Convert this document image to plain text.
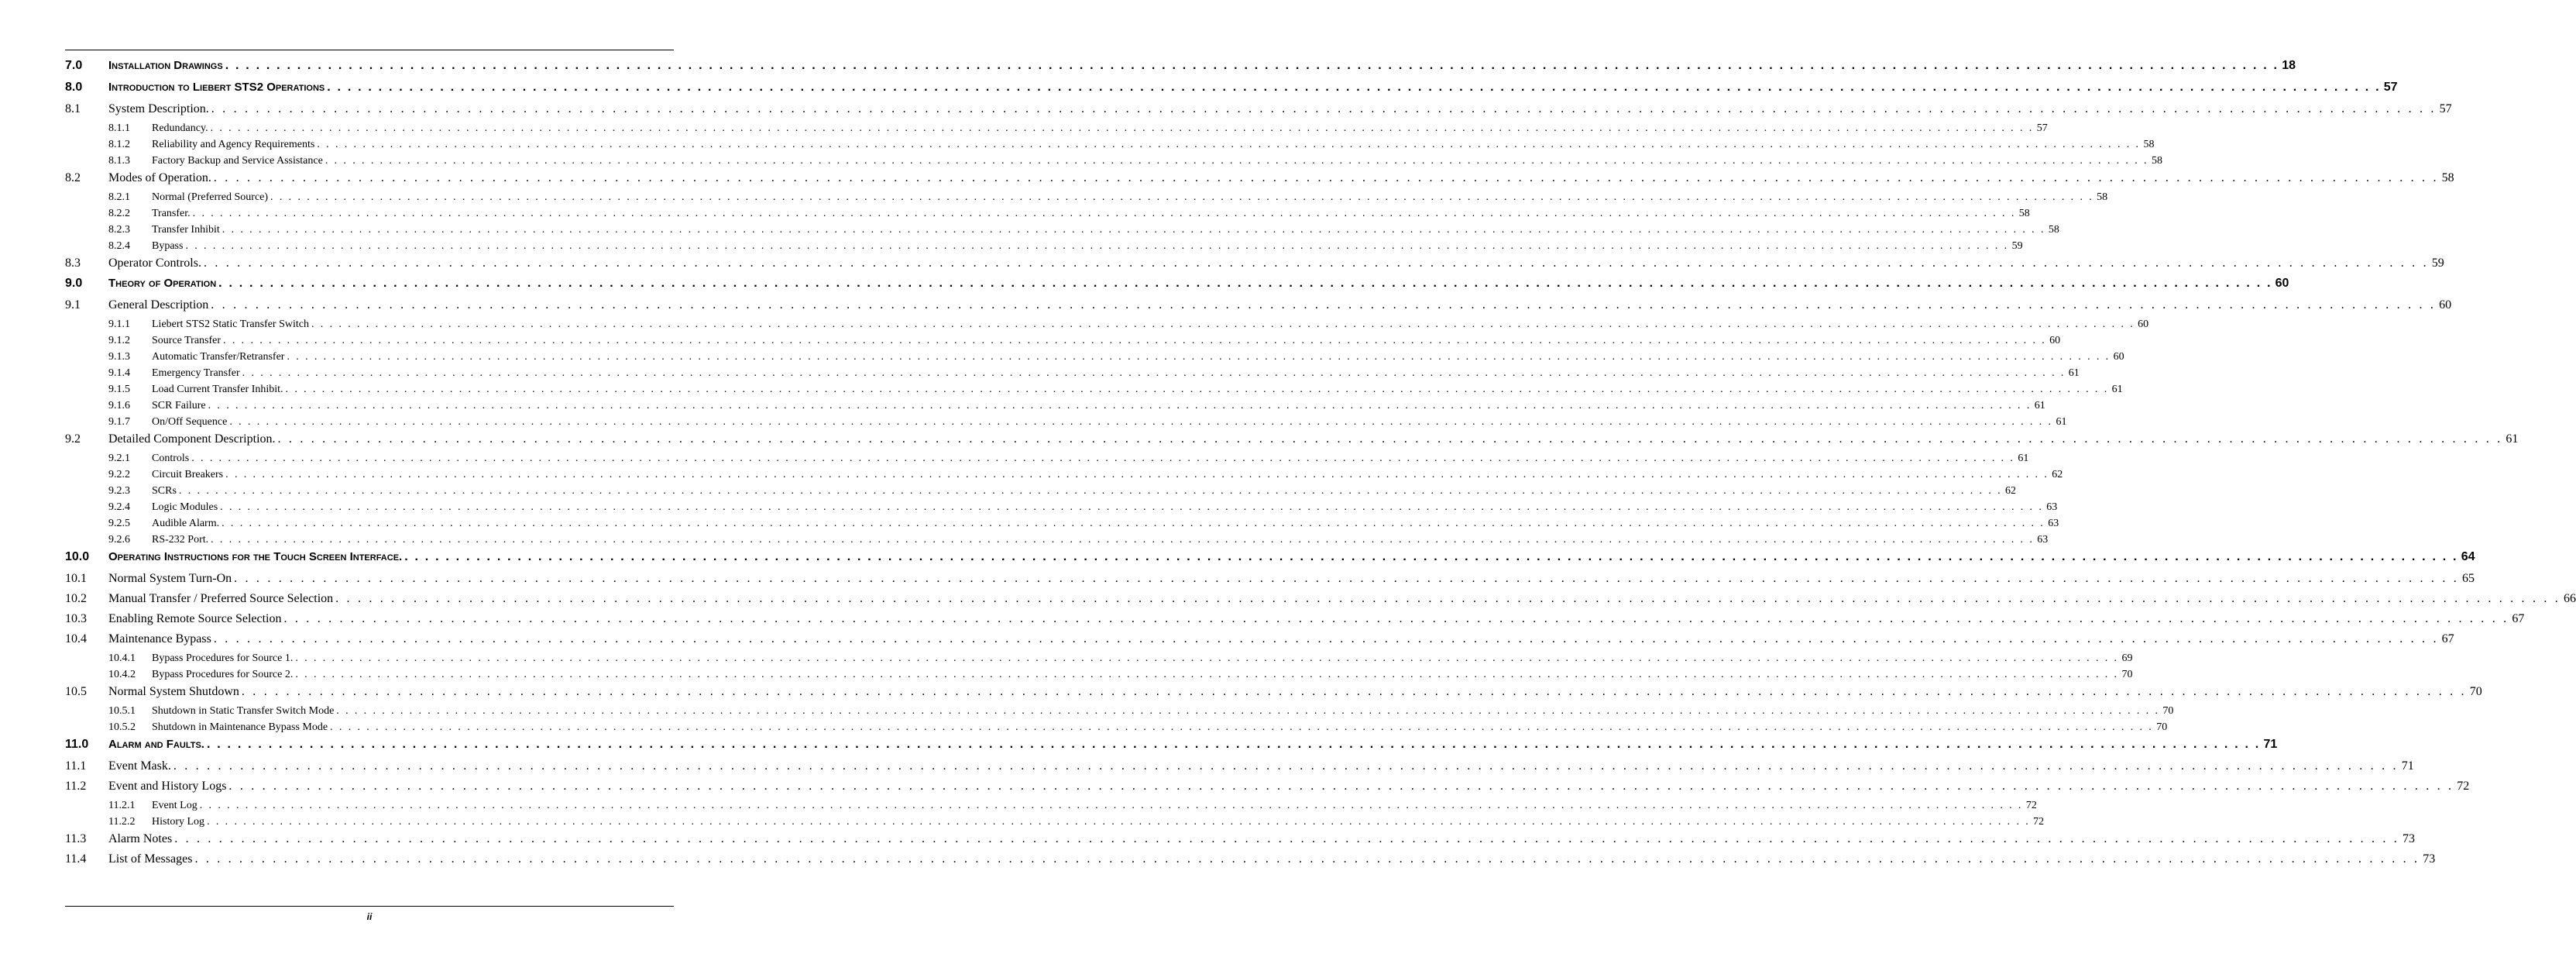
7.0	Installation Drawings . . . . . . . . . . . . . . . . . . . . . . . . . . . . . . . . . . . . . . . . . . . . . . . . . . . . . . . . . . . . . . . . . . . . . . . . . . . . . . . . . . . . . . . . . . . . . . . . . . . . . . . . . . . . . . . . . . . . . . . . . . . . . . . . . . . . . . . . . . . . . . . . . . . . . . . . . . . . . . . . . . . . . . . . . . . . . . . . . . . . . . . . . . . . . . . . . . . . . . . . 18
8.0	Introduction to Liebert STS2 Operations . . . . . . . . . . . . . . . . . . . . . . . . . . . . . . . . . . . . . . . . . . . . . . . . . . . . . . . . . . . . . . . . . . . . . . . . . . . . . . . . . . . . . . . . . . . . . . . . . . . . . . . . . . . . . . . . . . . . . . . . . . . . . . . . . . . . . . . . . . . . . . . . . . . . . . . . . . . . . . . . . . . . . . . . . . . . . . . . . . . . . . . . . . . . . . . . . . . . . . . . 57
8.1	System Description. . . . . . . . . . . . . . . . . . . . . . . . . . . . . . . . . . . . . . . . . . . . . . . . . . . . . . . . . . . . . . . . . . . . . . . . . . . . . . . . . . . . . . . . . . . . . . . . . . . . . . . . . . . . . . . . . . . . . . . . . . . . . . . . . . . . . . . . . . . . . . . . . . . . . . . . . . . . . . . . . . . . . . . . . . . . . . . . . . . . . . . . . . . . . . . . . . . . . . . . . 57
8.1.1	Redundancy. . . . . . . . . . . . . . . . . . . . . . . . . . . . . . . . . . . . . . . . . . . . . . . . . . . . . . . . . . . . . . . . . . . . . . . . . . . . . . . . . . . . . . . . . . . . . . . . . . . . . . . . . . . . . . . . . . . . . . . . . . . . . . . . . . . . . . . . . . . . . . . . . . . . . . . . . . . . . . . . . . . . . . . . . . . . . . . . . . . . . . . . . . . . . . . . . . . . . . . . . 57
8.1.2	Reliability and Agency Requirements . . . . . . . . . . . . . . . . . . . . . . . . . . . . . . . . . . . . . . . . . . . . . . . . . . . . . . . . . . . . . . . . . . . . . . . . . . . . . . . . . . . . . . . . . . . . . . . . . . . . . . . . . . . . . . . . . . . . . . . . . . . . . . . . . . . . . . . . . . . . . . . . . . . . . . . . . . . . . . . . . . . . . . . . . . . . . . . . . . . . . . . . . . . . . . . . . . . . . . . . 58
8.1.3	Factory Backup and Service Assistance . . . . . . . . . . . . . . . . . . . . . . . . . . . . . . . . . . . . . . . . . . . . . . . . . . . . . . . . . . . . . . . . . . . . . . . . . . . . . . . . . . . . . . . . . . . . . . . . . . . . . . . . . . . . . . . . . . . . . . . . . . . . . . . . . . . . . . . . . . . . . . . . . . . . . . . . . . . . . . . . . . . . . . . . . . . . . . . . . . . . . . . . . . . . . . . . . . . . . . . . 58
8.2	Modes of Operation. . . . . . . . . . . . . . . . . . . . . . . . . . . . . . . . . . . . . . . . . . . . . . . . . . . . . . . . . . . . . . . . . . . . . . . . . . . . . . . . . . . . . . . . . . . . . . . . . . . . . . . . . . . . . . . . . . . . . . . . . . . . . . . . . . . . . . . . . . . . . . . . . . . . . . . . . . . . . . . . . . . . . . . . . . . . . . . . . . . . . . . . . . . . . . . . . . . . . . . . . 58
8.2.1	Normal (Preferred Source) . . . . . . . . . . . . . . . . . . . . . . . . . . . . . . . . . . . . . . . . . . . . . . . . . . . . . . . . . . . . . . . . . . . . . . . . . . . . . . . . . . . . . . . . . . . . . . . . . . . . . . . . . . . . . . . . . . . . . . . . . . . . . . . . . . . . . . . . . . . . . . . . . . . . . . . . . . . . . . . . . . . . . . . . . . . . . . . . . . . . . . . . . . . . . . . . . . . . . . . . 58
8.2.2	Transfer. . . . . . . . . . . . . . . . . . . . . . . . . . . . . . . . . . . . . . . . . . . . . . . . . . . . . . . . . . . . . . . . . . . . . . . . . . . . . . . . . . . . . . . . . . . . . . . . . . . . . . . . . . . . . . . . . . . . . . . . . . . . . . . . . . . . . . . . . . . . . . . . . . . . . . . . . . . . . . . . . . . . . . . . . . . . . . . . . . . . . . . . . . . . . . . . . . . . . . . . . 58
8.2.3	Transfer Inhibit . . . . . . . . . . . . . . . . . . . . . . . . . . . . . . . . . . . . . . . . . . . . . . . . . . . . . . . . . . . . . . . . . . . . . . . . . . . . . . . . . . . . . . . . . . . . . . . . . . . . . . . . . . . . . . . . . . . . . . . . . . . . . . . . . . . . . . . . . . . . . . . . . . . . . . . . . . . . . . . . . . . . . . . . . . . . . . . . . . . . . . . . . . . . . . . . . . . . . . . . 58
8.2.4	Bypass . . . . . . . . . . . . . . . . . . . . . . . . . . . . . . . . . . . . . . . . . . . . . . . . . . . . . . . . . . . . . . . . . . . . . . . . . . . . . . . . . . . . . . . . . . . . . . . . . . . . . . . . . . . . . . . . . . . . . . . . . . . . . . . . . . . . . . . . . . . . . . . . . . . . . . . . . . . . . . . . . . . . . . . . . . . . . . . . . . . . . . . . . . . . . . . . . . . . . . . . 59
8.3	Operator Controls. . . . . . . . . . . . . . . . . . . . . . . . . . . . . . . . . . . . . . . . . . . . . . . . . . . . . . . . . . . . . . . . . . . . . . . . . . . . . . . . . . . . . . . . . . . . . . . . . . . . . . . . . . . . . . . . . . . . . . . . . . . . . . . . . . . . . . . . . . . . . . . . . . . . . . . . . . . . . . . . . . . . . . . . . . . . . . . . . . . . . . . . . . . . . . . . . . . . . . . . . 59
9.0	Theory of Operation . . . . . . . . . . . . . . . . . . . . . . . . . . . . . . . . . . . . . . . . . . . . . . . . . . . . . . . . . . . . . . . . . . . . . . . . . . . . . . . . . . . . . . . . . . . . . . . . . . . . . . . . . . . . . . . . . . . . . . . . . . . . . . . . . . . . . . . . . . . . . . . . . . . . . . . . . . . . . . . . . . . . . . . . . . . . . . . . . . . . . . . . . . . . . . . . . . . . . . . . 60
9.1	General Description . . . . . . . . . . . . . . . . . . . . . . . . . . . . . . . . . . . . . . . . . . . . . . . . . . . . . . . . . . . . . . . . . . . . . . . . . . . . . . . . . . . . . . . . . . . . . . . . . . . . . . . . . . . . . . . . . . . . . . . . . . . . . . . . . . . . . . . . . . . . . . . . . . . . . . . . . . . . . . . . . . . . . . . . . . . . . . . . . . . . . . . . . . . . . . . . . . . . . . . . 60
9.1.1	Liebert STS2 Static Transfer Switch . . . . . . . . . . . . . . . . . . . . . . . . . . . . . . . . . . . . . . . . . . . . . . . . . . . . . . . . . . . . . . . . . . . . . . . . . . . . . . . . . . . . . . . . . . . . . . . . . . . . . . . . . . . . . . . . . . . . . . . . . . . . . . . . . . . . . . . . . . . . . . . . . . . . . . . . . . . . . . . . . . . . . . . . . . . . . . . . . . . . . . . . . . . . . . . . . . . . . . . . 60
9.1.2	Source Transfer . . . . . . . . . . . . . . . . . . . . . . . . . . . . . . . . . . . . . . . . . . . . . . . . . . . . . . . . . . . . . . . . . . . . . . . . . . . . . . . . . . . . . . . . . . . . . . . . . . . . . . . . . . . . . . . . . . . . . . . . . . . . . . . . . . . . . . . . . . . . . . . . . . . . . . . . . . . . . . . . . . . . . . . . . . . . . . . . . . . . . . . . . . . . . . . . . . . . . . . . 60
9.1.3	Automatic Transfer/Retransfer . . . . . . . . . . . . . . . . . . . . . . . . . . . . . . . . . . . . . . . . . . . . . . . . . . . . . . . . . . . . . . . . . . . . . . . . . . . . . . . . . . . . . . . . . . . . . . . . . . . . . . . . . . . . . . . . . . . . . . . . . . . . . . . . . . . . . . . . . . . . . . . . . . . . . . . . . . . . . . . . . . . . . . . . . . . . . . . . . . . . . . . . . . . . . . . . . . . . . . . . 60
9.1.4	Emergency Transfer . . . . . . . . . . . . . . . . . . . . . . . . . . . . . . . . . . . . . . . . . . . . . . . . . . . . . . . . . . . . . . . . . . . . . . . . . . . . . . . . . . . . . . . . . . . . . . . . . . . . . . . . . . . . . . . . . . . . . . . . . . . . . . . . . . . . . . . . . . . . . . . . . . . . . . . . . . . . . . . . . . . . . . . . . . . . . . . . . . . . . . . . . . . . . . . . . . . . . . . . 61
9.1.5	Load Current Transfer Inhibit. . . . . . . . . . . . . . . . . . . . . . . . . . . . . . . . . . . . . . . . . . . . . . . . . . . . . . . . . . . . . . . . . . . . . . . . . . . . . . . . . . . . . . . . . . . . . . . . . . . . . . . . . . . . . . . . . . . . . . . . . . . . . . . . . . . . . . . . . . . . . . . . . . . . . . . . . . . . . . . . . . . . . . . . . . . . . . . . . . . . . . . . . . . . . . . . . . . . . . . . . 61
9.1.6	SCR Failure . . . . . . . . . . . . . . . . . . . . . . . . . . . . . . . . . . . . . . . . . . . . . . . . . . . . . . . . . . . . . . . . . . . . . . . . . . . . . . . . . . . . . . . . . . . . . . . . . . . . . . . . . . . . . . . . . . . . . . . . . . . . . . . . . . . . . . . . . . . . . . . . . . . . . . . . . . . . . . . . . . . . . . . . . . . . . . . . . . . . . . . . . . . . . . . . . . . . . . . . 61
9.1.7	On/Off Sequence . . . . . . . . . . . . . . . . . . . . . . . . . . . . . . . . . . . . . . . . . . . . . . . . . . . . . . . . . . . . . . . . . . . . . . . . . . . . . . . . . . . . . . . . . . . . . . . . . . . . . . . . . . . . . . . . . . . . . . . . . . . . . . . . . . . . . . . . . . . . . . . . . . . . . . . . . . . . . . . . . . . . . . . . . . . . . . . . . . . . . . . . . . . . . . . . . . . . . . . . 61
9.2	Detailed Component Description. . . . . . . . . . . . . . . . . . . . . . . . . . . . . . . . . . . . . . . . . . . . . . . . . . . . . . . . . . . . . . . . . . . . . . . . . . . . . . . . . . . . . . . . . . . . . . . . . . . . . . . . . . . . . . . . . . . . . . . . . . . . . . . . . . . . . . . . . . . . . . . . . . . . . . . . . . . . . . . . . . . . . . . . . . . . . . . . . . . . . . . . . . . . . . . . . . . . . . . . . 61
9.2.1	Controls . . . . . . . . . . . . . . . . . . . . . . . . . . . . . . . . . . . . . . . . . . . . . . . . . . . . . . . . . . . . . . . . . . . . . . . . . . . . . . . . . . . . . . . . . . . . . . . . . . . . . . . . . . . . . . . . . . . . . . . . . . . . . . . . . . . . . . . . . . . . . . . . . . . . . . . . . . . . . . . . . . . . . . . . . . . . . . . . . . . . . . . . . . . . . . . . . . . . . . . . 61
9.2.2	Circuit Breakers . . . . . . . . . . . . . . . . . . . . . . . . . . . . . . . . . . . . . . . . . . . . . . . . . . . . . . . . . . . . . . . . . . . . . . . . . . . . . . . . . . . . . . . . . . . . . . . . . . . . . . . . . . . . . . . . . . . . . . . . . . . . . . . . . . . . . . . . . . . . . . . . . . . . . . . . . . . . . . . . . . . . . . . . . . . . . . . . . . . . . . . . . . . . . . . . . . . . . . . . 62
9.2.3	SCRs . . . . . . . . . . . . . . . . . . . . . . . . . . . . . . . . . . . . . . . . . . . . . . . . . . . . . . . . . . . . . . . . . . . . . . . . . . . . . . . . . . . . . . . . . . . . . . . . . . . . . . . . . . . . . . . . . . . . . . . . . . . . . . . . . . . . . . . . . . . . . . . . . . . . . . . . . . . . . . . . . . . . . . . . . . . . . . . . . . . . . . . . . . . . . . . . . . . . . . . . 62
9.2.4	Logic Modules . . . . . . . . . . . . . . . . . . . . . . . . . . . . . . . . . . . . . . . . . . . . . . . . . . . . . . . . . . . . . . . . . . . . . . . . . . . . . . . . . . . . . . . . . . . . . . . . . . . . . . . . . . . . . . . . . . . . . . . . . . . . . . . . . . . . . . . . . . . . . . . . . . . . . . . . . . . . . . . . . . . . . . . . . . . . . . . . . . . . . . . . . . . . . . . . . . . . . . . . 63
9.2.5	Audible Alarm. . . . . . . . . . . . . . . . . . . . . . . . . . . . . . . . . . . . . . . . . . . . . . . . . . . . . . . . . . . . . . . . . . . . . . . . . . . . . . . . . . . . . . . . . . . . . . . . . . . . . . . . . . . . . . . . . . . . . . . . . . . . . . . . . . . . . . . . . . . . . . . . . . . . . . . . . . . . . . . . . . . . . . . . . . . . . . . . . . . . . . . . . . . . . . . . . . . . . . . . . 63
9.2.6	RS-232 Port. . . . . . . . . . . . . . . . . . . . . . . . . . . . . . . . . . . . . . . . . . . . . . . . . . . . . . . . . . . . . . . . . . . . . . . . . . . . . . . . . . . . . . . . . . . . . . . . . . . . . . . . . . . . . . . . . . . . . . . . . . . . . . . . . . . . . . . . . . . . . . . . . . . . . . . . . . . . . . . . . . . . . . . . . . . . . . . . . . . . . . . . . . . . . . . . . . . . . . . . . 63
10.0	Operating Instructions for the Touch Screen Interface. . . . . . . . . . . . . . . . . . . . . . . . . . . . . . . . . . . . . . . . . . . . . . . . . . . . . . . . . . . . . . . . . . . . . . . . . . . . . . . . . . . . . . . . . . . . . . . . . . . . . . . . . . . . . . . . . . . . . . . . . . . . . . . . . . . . . . . . . . . . . . . . . . . . . . . . . . . . . . . . . . . . . . . . . . . . . . . . . . . . . . . . . . . . . . . . . . . . . . . . . 64
10.1	Normal System Turn-On . . . . . . . . . . . . . . . . . . . . . . . . . . . . . . . . . . . . . . . . . . . . . . . . . . . . . . . . . . . . . . . . . . . . . . . . . . . . . . . . . . . . . . . . . . . . . . . . . . . . . . . . . . . . . . . . . . . . . . . . . . . . . . . . . . . . . . . . . . . . . . . . . . . . . . . . . . . . . . . . . . . . . . . . . . . . . . . . . . . . . . . . . . . . . . . . . . . . . . . . 65
10.2	Manual Transfer / Preferred Source Selection . . . . . . . . . . . . . . . . . . . . . . . . . . . . . . . . . . . . . . . . . . . . . . . . . . . . . . . . . . . . . . . . . . . . . . . . . . . . . . . . . . . . . . . . . . . . . . . . . . . . . . . . . . . . . . . . . . . . . . . . . . . . . . . . . . . . . . . . . . . . . . . . . . . . . . . . . . . . . . . . . . . . . . . . . . . . . . . . . . . . . . . . . . . . . . . . . . . . . . . . 66
10.3	Enabling Remote Source Selection . . . . . . . . . . . . . . . . . . . . . . . . . . . . . . . . . . . . . . . . . . . . . . . . . . . . . . . . . . . . . . . . . . . . . . . . . . . . . . . . . . . . . . . . . . . . . . . . . . . . . . . . . . . . . . . . . . . . . . . . . . . . . . . . . . . . . . . . . . . . . . . . . . . . . . . . . . . . . . . . . . . . . . . . . . . . . . . . . . . . . . . . . . . . . . . . . . . . . . . . 67
10.4	Maintenance Bypass . . . . . . . . . . . . . . . . . . . . . . . . . . . . . . . . . . . . . . . . . . . . . . . . . . . . . . . . . . . . . . . . . . . . . . . . . . . . . . . . . . . . . . . . . . . . . . . . . . . . . . . . . . . . . . . . . . . . . . . . . . . . . . . . . . . . . . . . . . . . . . . . . . . . . . . . . . . . . . . . . . . . . . . . . . . . . . . . . . . . . . . . . . . . . . . . . . . . . . . . 67
10.4.1	Bypass Procedures for Source 1. . . . . . . . . . . . . . . . . . . . . . . . . . . . . . . . . . . . . . . . . . . . . . . . . . . . . . . . . . . . . . . . . . . . . . . . . . . . . . . . . . . . . . . . . . . . . . . . . . . . . . . . . . . . . . . . . . . . . . . . . . . . . . . . . . . . . . . . . . . . . . . . . . . . . . . . . . . . . . . . . . . . . . . . . . . . . . . . . . . . . . . . . . . . . . . . . . . . . . . . . 69
10.4.2	Bypass Procedures for Source 2. . . . . . . . . . . . . . . . . . . . . . . . . . . . . . . . . . . . . . . . . . . . . . . . . . . . . . . . . . . . . . . . . . . . . . . . . . . . . . . . . . . . . . . . . . . . . . . . . . . . . . . . . . . . . . . . . . . . . . . . . . . . . . . . . . . . . . . . . . . . . . . . . . . . . . . . . . . . . . . . . . . . . . . . . . . . . . . . . . . . . . . . . . . . . . . . . . . . . . . . . 70
10.5	Normal System Shutdown . . . . . . . . . . . . . . . . . . . . . . . . . . . . . . . . . . . . . . . . . . . . . . . . . . . . . . . . . . . . . . . . . . . . . . . . . . . . . . . . . . . . . . . . . . . . . . . . . . . . . . . . . . . . . . . . . . . . . . . . . . . . . . . . . . . . . . . . . . . . . . . . . . . . . . . . . . . . . . . . . . . . . . . . . . . . . . . . . . . . . . . . . . . . . . . . . . . . . . . . 70
10.5.1	Shutdown in Static Transfer Switch Mode . . . . . . . . . . . . . . . . . . . . . . . . . . . . . . . . . . . . . . . . . . . . . . . . . . . . . . . . . . . . . . . . . . . . . . . . . . . . . . . . . . . . . . . . . . . . . . . . . . . . . . . . . . . . . . . . . . . . . . . . . . . . . . . . . . . . . . . . . . . . . . . . . . . . . . . . . . . . . . . . . . . . . . . . . . . . . . . . . . . . . . . . . . . . . . . . . . . . . . . . 70
10.5.2	Shutdown in Maintenance Bypass Mode . . . . . . . . . . . . . . . . . . . . . . . . . . . . . . . . . . . . . . . . . . . . . . . . . . . . . . . . . . . . . . . . . . . . . . . . . . . . . . . . . . . . . . . . . . . . . . . . . . . . . . . . . . . . . . . . . . . . . . . . . . . . . . . . . . . . . . . . . . . . . . . . . . . . . . . . . . . . . . . . . . . . . . . . . . . . . . . . . . . . . . . . . . . . . . . . . . . . . . . . 70
11.0	Alarm and Faults. . . . . . . . . . . . . . . . . . . . . . . . . . . . . . . . . . . . . . . . . . . . . . . . . . . . . . . . . . . . . . . . . . . . . . . . . . . . . . . . . . . . . . . . . . . . . . . . . . . . . . . . . . . . . . . . . . . . . . . . . . . . . . . . . . . . . . . . . . . . . . . . . . . . . . . . . . . . . . . . . . . . . . . . . . . . . . . . . . . . . . . . . . . . . . . . . . . . . . . . . 71
11.1	Event Mask. . . . . . . . . . . . . . . . . . . . . . . . . . . . . . . . . . . . . . . . . . . . . . . . . . . . . . . . . . . . . . . . . . . . . . . . . . . . . . . . . . . . . . . . . . . . . . . . . . . . . . . . . . . . . . . . . . . . . . . . . . . . . . . . . . . . . . . . . . . . . . . . . . . . . . . . . . . . . . . . . . . . . . . . . . . . . . . . . . . . . . . . . . . . . . . . . . . . . . . . . 71
11.2	Event and History Logs . . . . . . . . . . . . . . . . . . . . . . . . . . . . . . . . . . . . . . . . . . . . . . . . . . . . . . . . . . . . . . . . . . . . . . . . . . . . . . . . . . . . . . . . . . . . . . . . . . . . . . . . . . . . . . . . . . . . . . . . . . . . . . . . . . . . . . . . . . . . . . . . . . . . . . . . . . . . . . . . . . . . . . . . . . . . . . . . . . . . . . . . . . . . . . . . . . . . . . . . 72
11.2.1	Event Log . . . . . . . . . . . . . . . . . . . . . . . . . . . . . . . . . . . . . . . . . . . . . . . . . . . . . . . . . . . . . . . . . . . . . . . . . . . . . . . . . . . . . . . . . . . . . . . . . . . . . . . . . . . . . . . . . . . . . . . . . . . . . . . . . . . . . . . . . . . . . . . . . . . . . . . . . . . . . . . . . . . . . . . . . . . . . . . . . . . . . . . . . . . . . . . . . . . . . . . . 72
11.2.2	History Log . . . . . . . . . . . . . . . . . . . . . . . . . . . . . . . . . . . . . . . . . . . . . . . . . . . . . . . . . . . . . . . . . . . . . . . . . . . . . . . . . . . . . . . . . . . . . . . . . . . . . . . . . . . . . . . . . . . . . . . . . . . . . . . . . . . . . . . . . . . . . . . . . . . . . . . . . . . . . . . . . . . . . . . . . . . . . . . . . . . . . . . . . . . . . . . . . . . . . . . . 72
11.3	Alarm Notes . . . . . . . . . . . . . . . . . . . . . . . . . . . . . . . . . . . . . . . . . . . . . . . . . . . . . . . . . . . . . . . . . . . . . . . . . . . . . . . . . . . . . . . . . . . . . . . . . . . . . . . . . . . . . . . . . . . . . . . . . . . . . . . . . . . . . . . . . . . . . . . . . . . . . . . . . . . . . . . . . . . . . . . . . . . . . . . . . . . . . . . . . . . . . . . . . . . . . . . . 73
11.4	List of Messages . . . . . . . . . . . . . . . . . . . . . . . . . . . . . . . . . . . . . . . . . . . . . . . . . . . . . . . . . . . . . . . . . . . . . . . . . . . . . . . . . . . . . . . . . . . . . . . . . . . . . . . . . . . . . . . . . . . . . . . . . . . . . . . . . . . . . . . . . . . . . . . . . . . . . . . . . . . . . . . . . . . . . . . . . . . . . . . . . . . . . . . . . . . . . . . . . . . . . . . . 73
ii
